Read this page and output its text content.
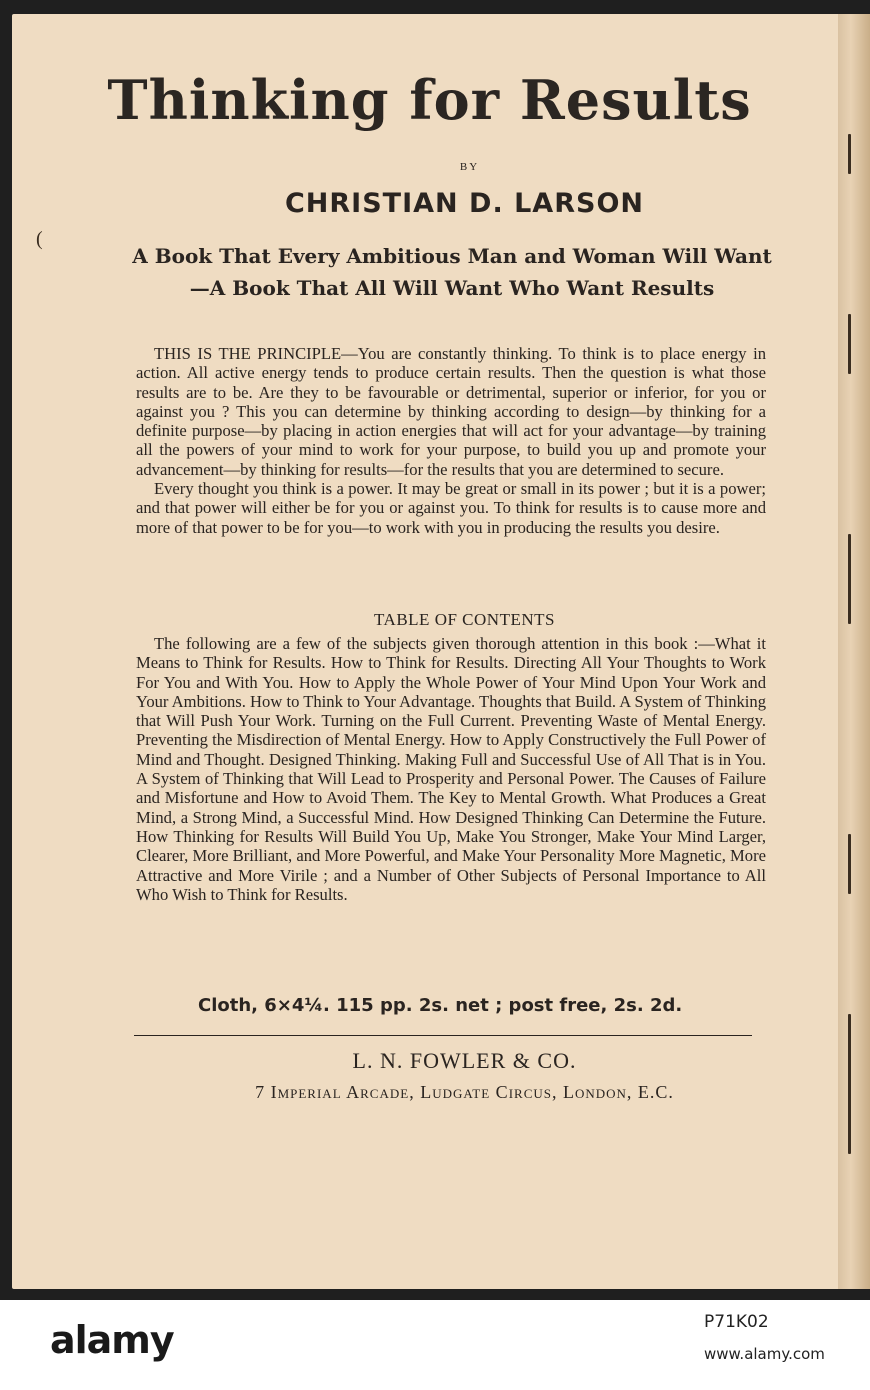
Thinking for Results
BY
CHRISTIAN D. LARSON
A Book That Every Ambitious Man and Woman Will Want—A Book That All Will Want Who Want Results

THIS IS THE PRINCIPLE—You are constantly thinking. To think is to place energy in action. All active energy tends to produce certain results. Then the question is what those results are to be. Are they to be favourable or detrimental, superior or inferior, for you or against you ? This you can determine by thinking according to design—by thinking for a definite purpose—by placing in action energies that will act for your advantage—by training all the powers of your mind to work for your purpose, to build you up and promote your advancement—by thinking for results—for the results that you are determined to secure.

Every thought you think is a power. It may be great or small in its power ; but it is a power; and that power will either be for you or against you. To think for results is to cause more and more of that power to be for you—to work with you in producing the results you desire.

TABLE OF CONTENTS

The following are a few of the subjects given thorough attention in this book :—What it Means to Think for Results. How to Think for Results. Directing All Your Thoughts to Work For You and With You. How to Apply the Whole Power of Your Mind Upon Your Work and Your Ambitions. How to Think to Your Advantage. Thoughts that Build. A System of Thinking that Will Push Your Work. Turning on the Full Current. Preventing Waste of Mental Energy. Preventing the Misdirection of Mental Energy. How to Apply Constructively the Full Power of Mind and Thought. Designed Thinking. Making Full and Successful Use of All That is in You. A System of Thinking that Will Lead to Prosperity and Personal Power. The Causes of Failure and Misfortune and How to Avoid Them. The Key to Mental Growth. What Produces a Great Mind, a Strong Mind, a Successful Mind. How Designed Thinking Can Determine the Future. How Thinking for Results Will Build You Up, Make You Stronger, Make Your Mind Larger, Clearer, More Brilliant, and More Powerful, and Make Your Personality More Magnetic, More Attractive and More Virile ; and a Number of Other Subjects of Personal Importance to All Who Wish to Think for Results.

Cloth, 6×4¼. 115 pp. 2s. net ; post free, 2s. 2d.
L. N. FOWLER & CO.
7 Imperial Arcade, Ludgate Circus, London, E.C.
(
alamy	P71K02
www.alamy.com
